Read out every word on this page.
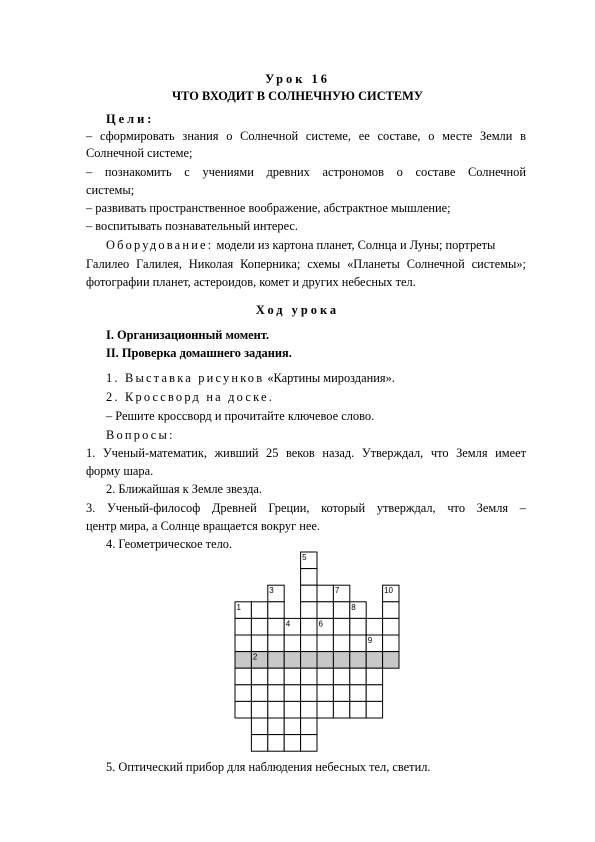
Урок 16
ЧТО ВХОДИТ В СОЛНЕЧНУЮ СИСТЕМУ
Цели:
– сформировать знания о Солнечной системе, ее составе, о месте Земли в
Солнечной системе;
– познакомить с учениями древних астрономов о составе Солнечной
системы;
– развивать пространственное воображение, абстрактное мышление;
– воспитывать познавательный интерес.
Оборудование: модели из картона планет, Солнца и Луны; портреты
Галилео Галилея, Николая Коперника; схемы «Планеты Солнечной системы»;
фотографии планет, астероидов, комет и других небесных тел.
Ход урока
I. Организационный момент.
II. Проверка домашнего задания.
1. Выставка рисунков «Картины мироздания».
2. Кроссворд на доске.
– Решите кроссворд и прочитайте ключевое слово.
Вопросы:
1. Ученый-математик, живший 25 веков назад. Утверждал, что Земля имеет
форму шара.
2. Ближайшая к Земле звезда.
3. Ученый-философ Древней Греции, который утверждал, что Земля –
центр мира, а Солнце вращается вокруг нее.
4. Геометрическое тело.
1
2
3
4
5
6
7
8
9
10
5. Оптический прибор для наблюдения небесных тел, светил.
